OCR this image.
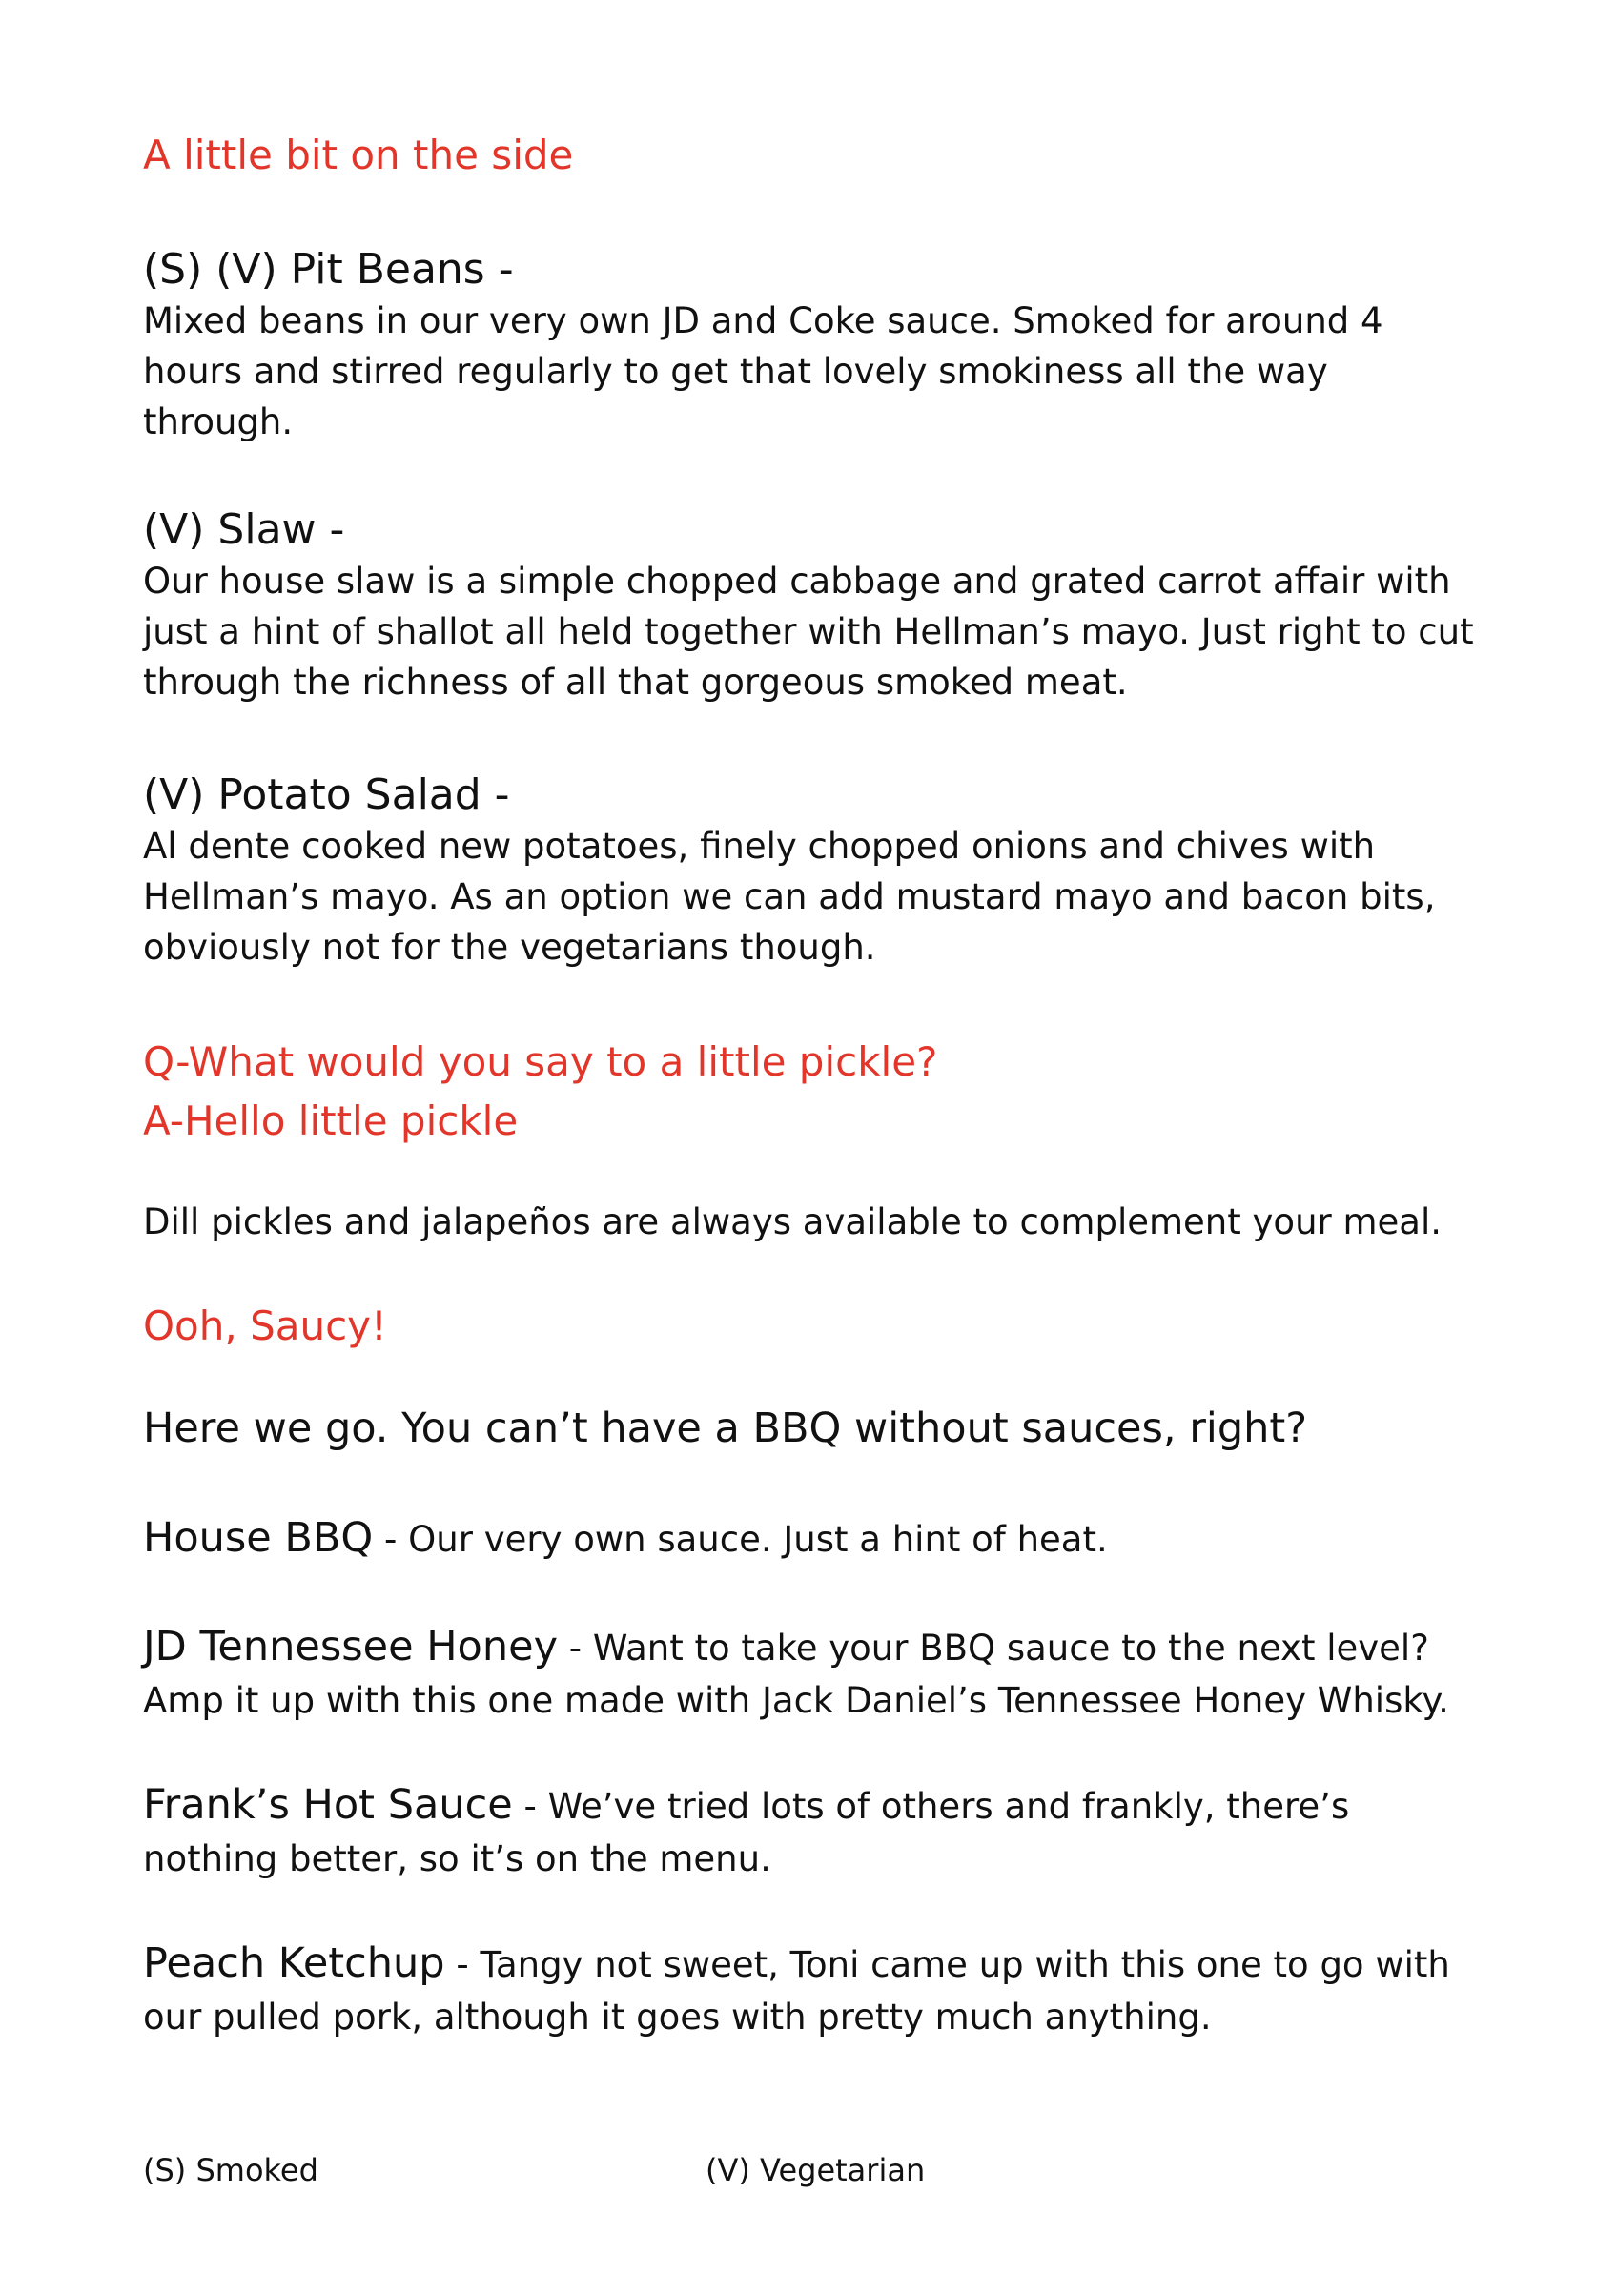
A little bit on the side
(S) (V) Pit Beans -

Mixed beans in our very own JD and Coke sauce. Smoked for around 4 hours and stirred regularly to get that lovely smokiness all the way through.

(V) Slaw -

Our house slaw is a simple chopped cabbage and grated carrot affair with just a hint of shallot all held together with Hellman’s mayo. Just right to cut through the richness of all that gorgeous smoked meat.

(V) Potato Salad -

Al dente cooked new potatoes, finely chopped onions and chives with Hellman’s mayo. As an option we can add mustard mayo and bacon bits, obviously not for the vegetarians though.

Q-What would you say to a little pickle?

A-Hello little pickle

Dill pickles and jalapeños are always available to complement your meal.

Ooh, Saucy!

Here we go. You can’t have a BBQ without sauces, right?

House BBQ - Our very own sauce. Just a hint of heat.

JD Tennessee Honey - Want to take your BBQ sauce to the next level? Amp it up with this one made with Jack Daniel’s Tennessee Honey Whisky.

Frank’s Hot Sauce - We’ve tried lots of others and frankly, there’s nothing better, so it’s on the menu.

Peach Ketchup - Tangy not sweet, Toni came up with this one to go with our pulled pork, although it goes with pretty much anything.

(S) Smoked	(V) Vegetarian
